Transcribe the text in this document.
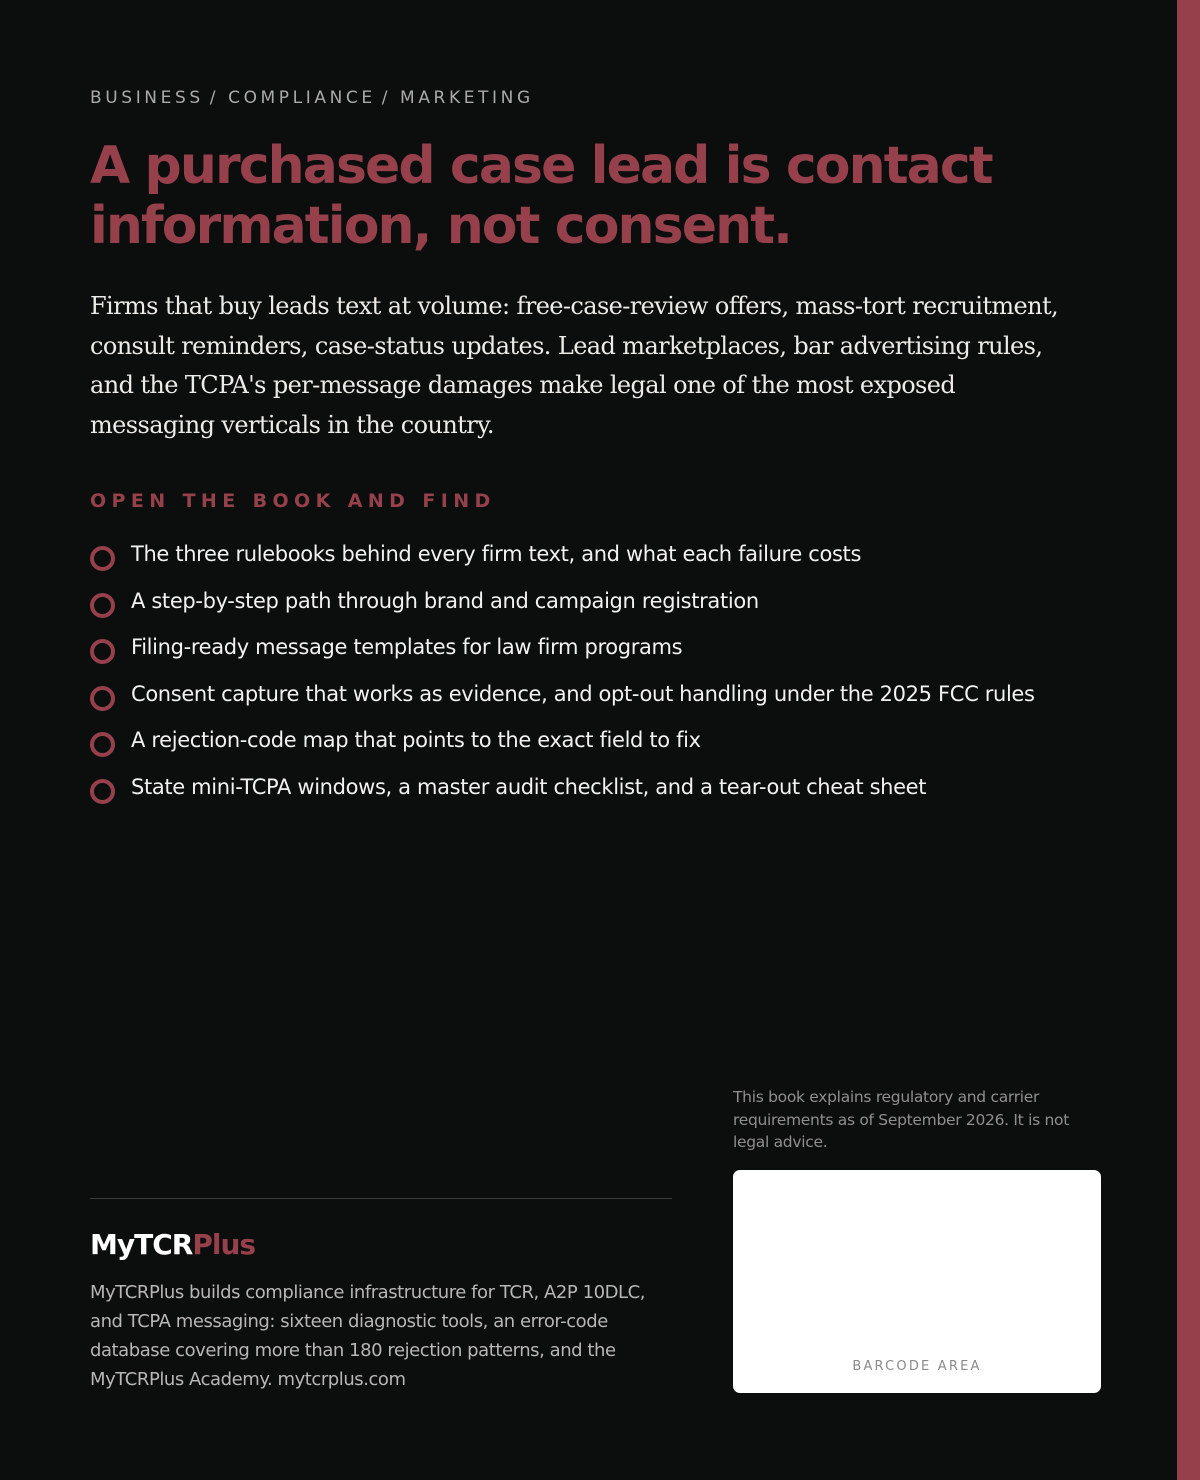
BUSINESS / COMPLIANCE / MARKETING
A purchased case lead is contact information, not consent.

Firms that buy leads text at volume: free-case-review offers, mass-tort recruitment, consult reminders, case-status updates. Lead marketplaces, bar advertising rules, and the TCPA's per-message damages make legal one of the most exposed messaging verticals in the country.

OPEN THE BOOK AND FIND
The three rulebooks behind every firm text, and what each failure costs
A step-by-step path through brand and campaign registration
Filing-ready message templates for law firm programs
Consent capture that works as evidence, and opt-out handling under the 2025 FCC rules
A rejection-code map that points to the exact field to fix
State mini-TCPA windows, a master audit checklist, and a tear-out cheat sheet

This book explains regulatory and carrier requirements as of September 2026. It is not legal advice.

MyTCRPlus

MyTCRPlus builds compliance infrastructure for TCR, A2P 10DLC, and TCPA messaging: sixteen diagnostic tools, an error-code database covering more than 180 rejection patterns, and the MyTCRPlus Academy. mytcrplus.com

BARCODE AREA
